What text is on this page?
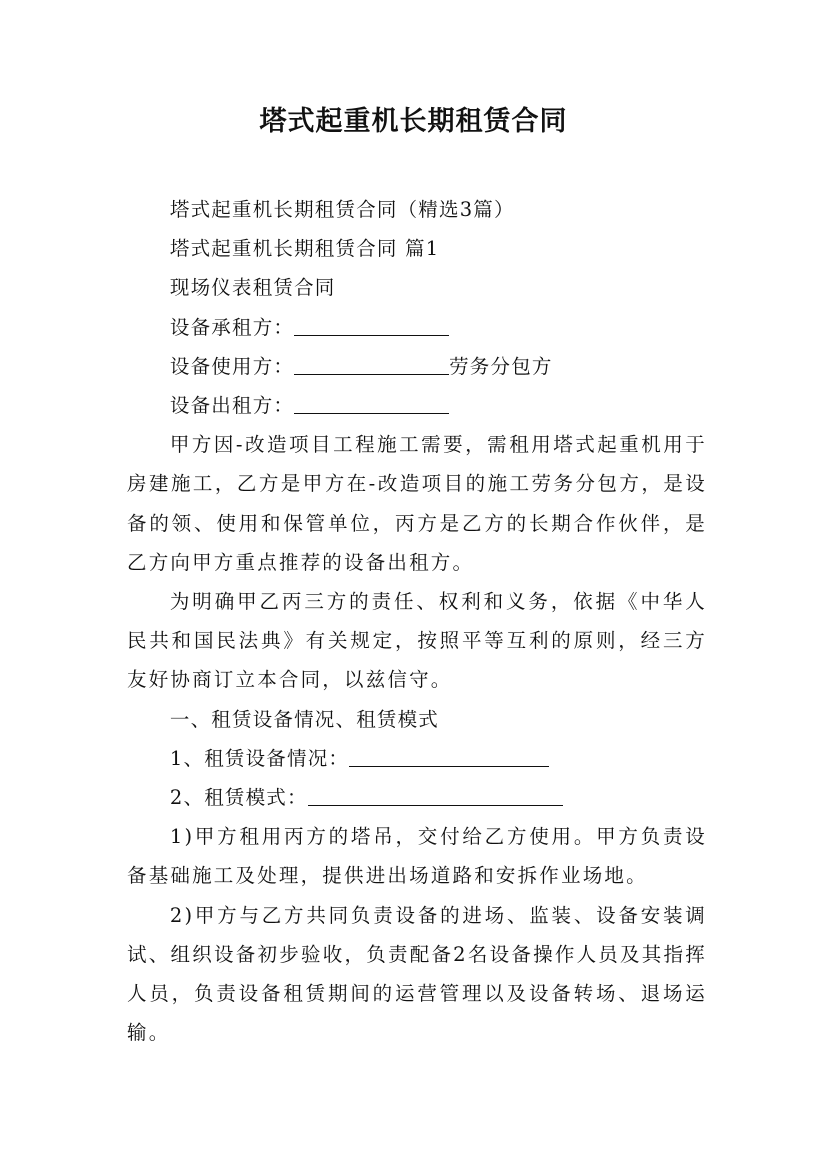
塔式起重机长期租赁合同

塔式起重机长期租赁合同（精选3篇）

塔式起重机长期租赁合同 篇1

现场仪表租赁合同

设备承租方：

设备使用方：	劳务分包方

设备出租方：

甲方因-改造项目工程施工需要，需租用塔式起重机用于房建施工，乙方是甲方在-改造项目的施工劳务分包方，是设备的领、使用和保管单位，丙方是乙方的长期合作伙伴，是乙方向甲方重点推荐的设备出租方。

为明确甲乙丙三方的责任、权利和义务，依据《中华人民共和国民法典》有关规定，按照平等互利的原则，经三方友好协商订立本合同，以兹信守。

一、租赁设备情况、租赁模式

1、租赁设备情况：

2、租赁模式：

1)甲方租用丙方的塔吊，交付给乙方使用。甲方负责设备基础施工及处理，提供进出场道路和安拆作业场地。

2)甲方与乙方共同负责设备的进场、监装、设备安装调试、组织设备初步验收，负责配备2名设备操作人员及其指挥人员，负责设备租赁期间的运营管理以及设备转场、退场运输。
